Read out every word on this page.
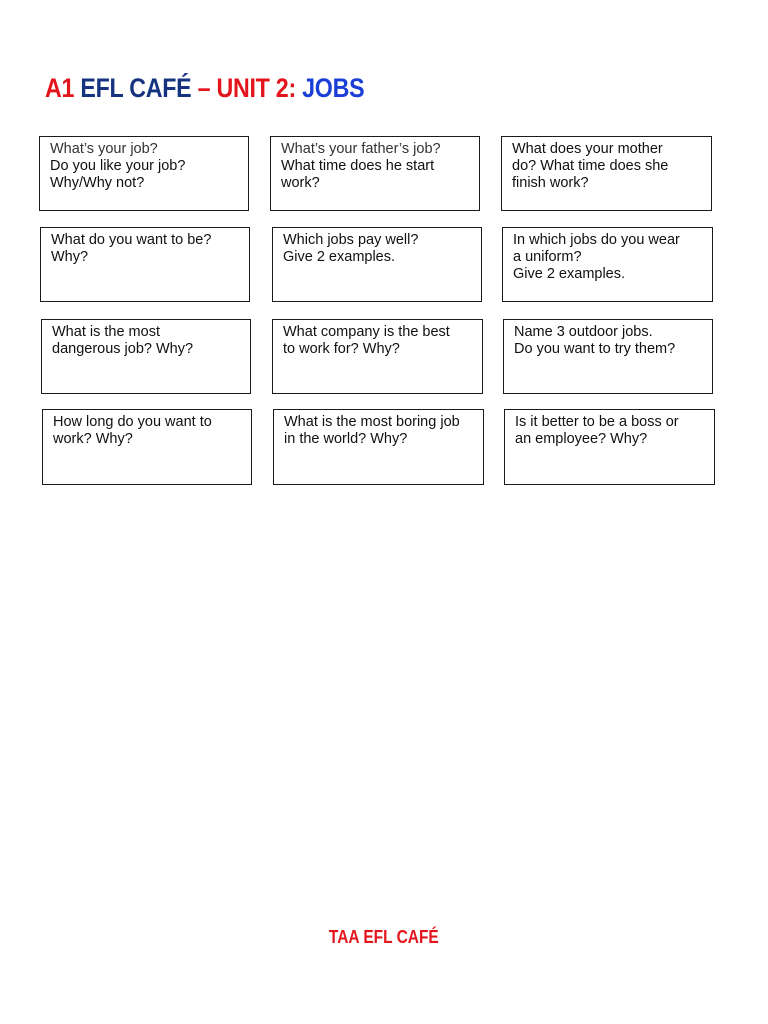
A1 EFL CAFÉ – UNIT 2: JOBS
What’s your job?
Do you like your job?
Why/Why not?
What’s your father’s job?
What time does he start
work?
What does your mother
do? What time does she
finish work?
What do you want to be?
Why?
Which jobs pay well?
Give 2 examples.
In which jobs do you wear
a uniform?
Give 2 examples.
What is the most
dangerous job? Why?
What company is the best
to work for? Why?
Name 3 outdoor jobs.
Do you want to try them?
How long do you want to
work? Why?
What is the most boring job
in the world? Why?
Is it better to be a boss or
an employee? Why?
TAA EFL CAFÉ
